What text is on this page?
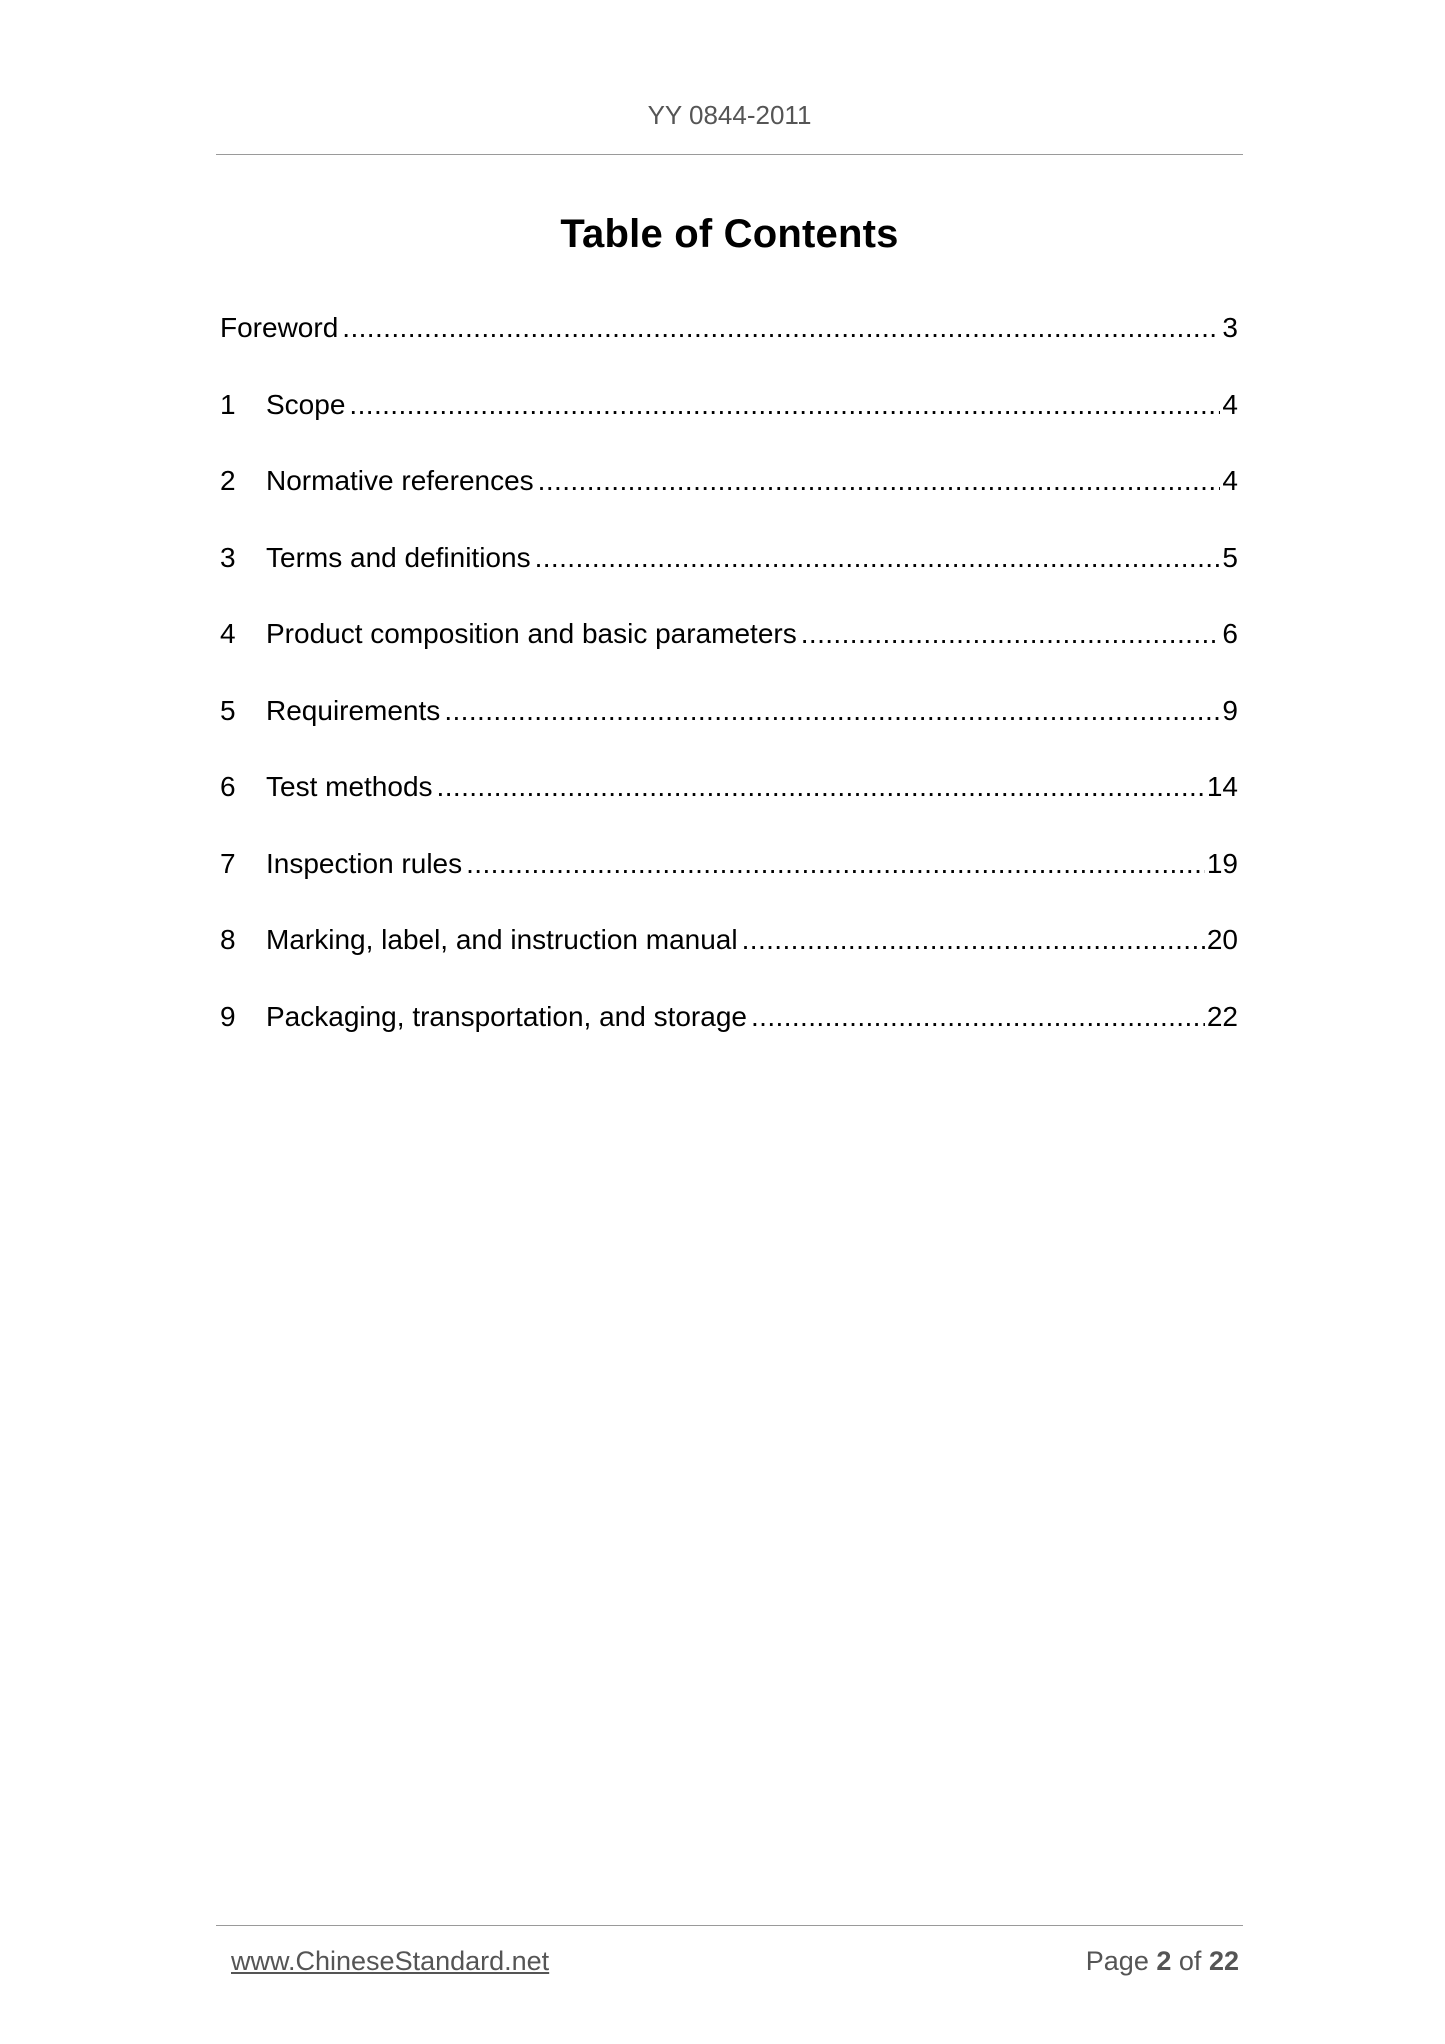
YY 0844-2011
Table of Contents
Foreword .....	3
1	Scope .....	4
2	Normative references .....	4
3	Terms and definitions .....	5
4	Product composition and basic parameters .....	6
5	Requirements .....	9
6	Test methods .....	14
7	Inspection rules .....	19
8	Marking, label, and instruction manual .....	20
9	Packaging, transportation, and storage .....	22
www.ChineseStandard.net	Page 2 of 22
